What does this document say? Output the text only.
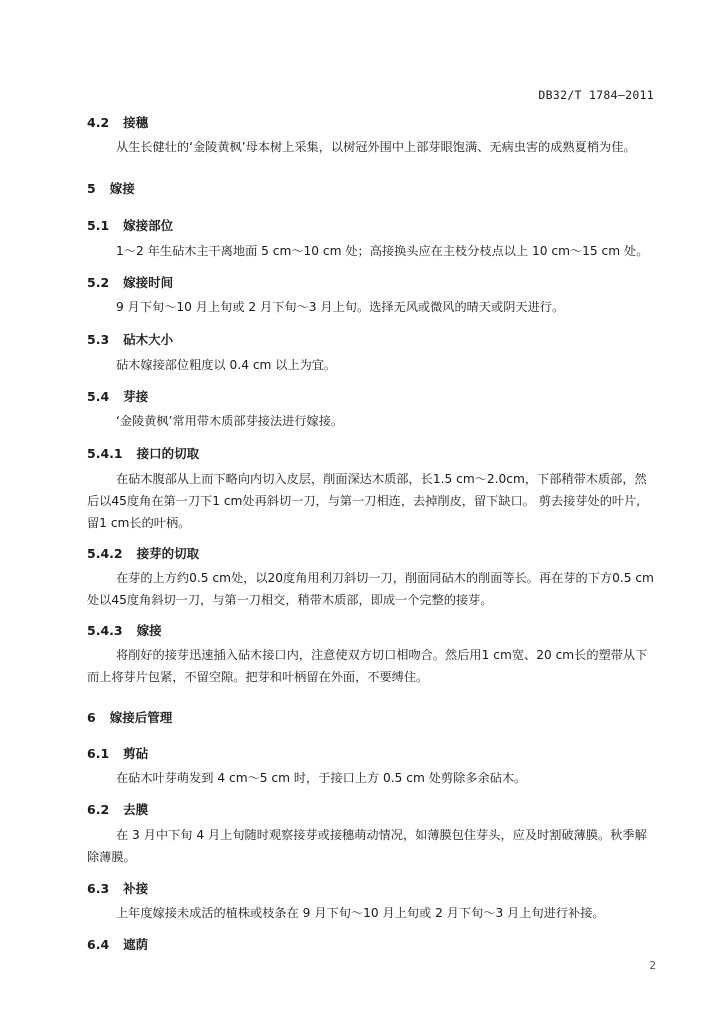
DB32/T 1784—2011
4.2 接穗
从生长健壮的‘金陵黄枫’母本树上采集，以树冠外围中上部芽眼饱满、无病虫害的成熟夏梢为佳。
5 嫁接
5.1 嫁接部位
1～2 年生砧木主干离地面 5 cm～10 cm 处；高接换头应在主枝分枝点以上 10 cm～15 cm 处。
5.2 嫁接时间
9 月下旬～10 月上旬或 2 月下旬～3 月上旬。选择无风或微风的晴天或阴天进行。
5.3 砧木大小
砧木嫁接部位粗度以 0.4 cm 以上为宜。
5.4 芽接
‘金陵黄枫’常用带木质部芽接法进行嫁接。
5.4.1 接口的切取
在砧木腹部从上而下略向内切入皮层，削面深达木质部，长1.5 cm～2.0cm，下部稍带木质部，然
后以45度角在第一刀下1 cm处再斜切一刀，与第一刀相连，去掉削皮，留下缺口。 剪去接芽处的叶片,
留1 cm长的叶柄。
5.4.2 接芽的切取
在芽的上方约0.5 cm处，以20度角用利刀斜切一刀，削面同砧木的削面等长。再在芽的下方0.5 cm
处以45度角斜切一刀，与第一刀相交，稍带木质部，即成一个完整的接芽。
5.4.3 嫁接
将削好的接芽迅速插入砧木接口内，注意使双方切口相吻合。然后用1 cm宽、20 cm长的塑带从下
而上将芽片包紧，不留空隙。把芽和叶柄留在外面，不要缚住。
6 嫁接后管理
6.1 剪砧
在砧木叶芽萌发到 4 cm～5 cm 时，于接口上方 0.5 cm 处剪除多余砧木。
6.2 去膜
在 3 月中下旬 4 月上旬随时观察接芽或接穗萌动情况，如薄膜包住芽头，应及时割破薄膜。秋季解
除薄膜。
6.3 补接
上年度嫁接未成活的植株或枝条在 9 月下旬～10 月上旬或 2 月下旬～3 月上旬进行补接。
6.4 遮荫
2
